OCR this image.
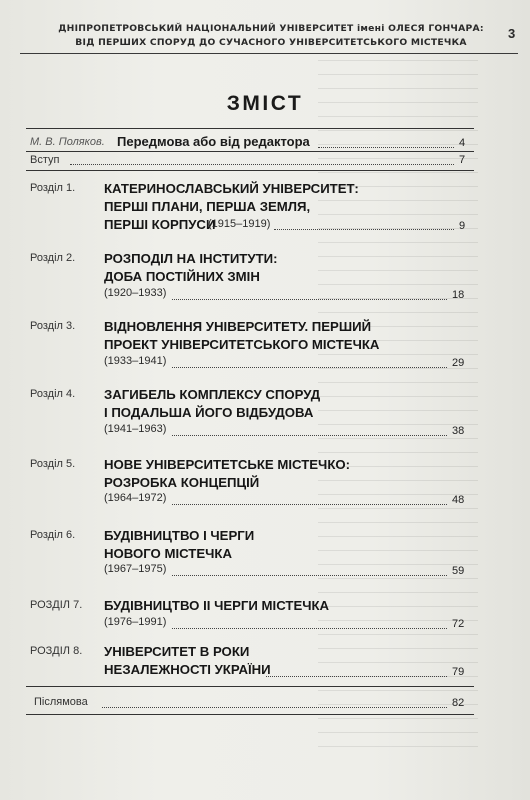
ДНІПРОПЕТРОВСЬКИЙ НАЦІОНАЛЬНИЙ УНІВЕРСИТЕТ імені ОЛЕСЯ ГОНЧАРА:
ВІД ПЕРШИХ СПОРУД ДО СУЧАСНОГО УНІВЕРСИТЕТСЬКОГО МІСТЕЧКА
3
ЗМІСТ
М. В. Поляков. Передмова або від редактора	4
Вступ	7
Розділ 1. КАТЕРИНОСЛАВСЬКИЙ УНІВЕРСИТЕТ:
ПЕРШІ ПЛАНИ, ПЕРША ЗЕМЛЯ,
ПЕРШІ КОРПУСИ
(1915–1919)	9
Розділ 2. РОЗПОДІЛ НА ІНСТИТУТИ:
ДОБА ПОСТІЙНИХ ЗМІН
(1920–1933)	18
Розділ 3. ВІДНОВЛЕННЯ УНІВЕРСИТЕТУ. ПЕРШИЙ
ПРОЕКТ УНІВЕРСИТЕТСЬКОГО МІСТЕЧКА
(1933–1941)	29
Розділ 4. ЗАГИБЕЛЬ КОМПЛЕКСУ СПОРУД
І ПОДАЛЬША ЙОГО ВІДБУДОВА
(1941–1963)	38
Розділ 5. НОВЕ УНІВЕРСИТЕТСЬКЕ МІСТЕЧКО:
РОЗРОБКА КОНЦЕПЦІЙ
(1964–1972)	48
Розділ 6. БУДІВНИЦТВО І ЧЕРГИ
НОВОГО МІСТЕЧКА
(1967–1975)	59
РОЗДІЛ 7. БУДІВНИЦТВО ІІ ЧЕРГИ МІСТЕЧКА
(1976–1991)	72
РОЗДІЛ 8. УНІВЕРСИТЕТ В РОКИ
НЕЗАЛЕЖНОСТІ УКРАЇНИ	79
Післямова	82
